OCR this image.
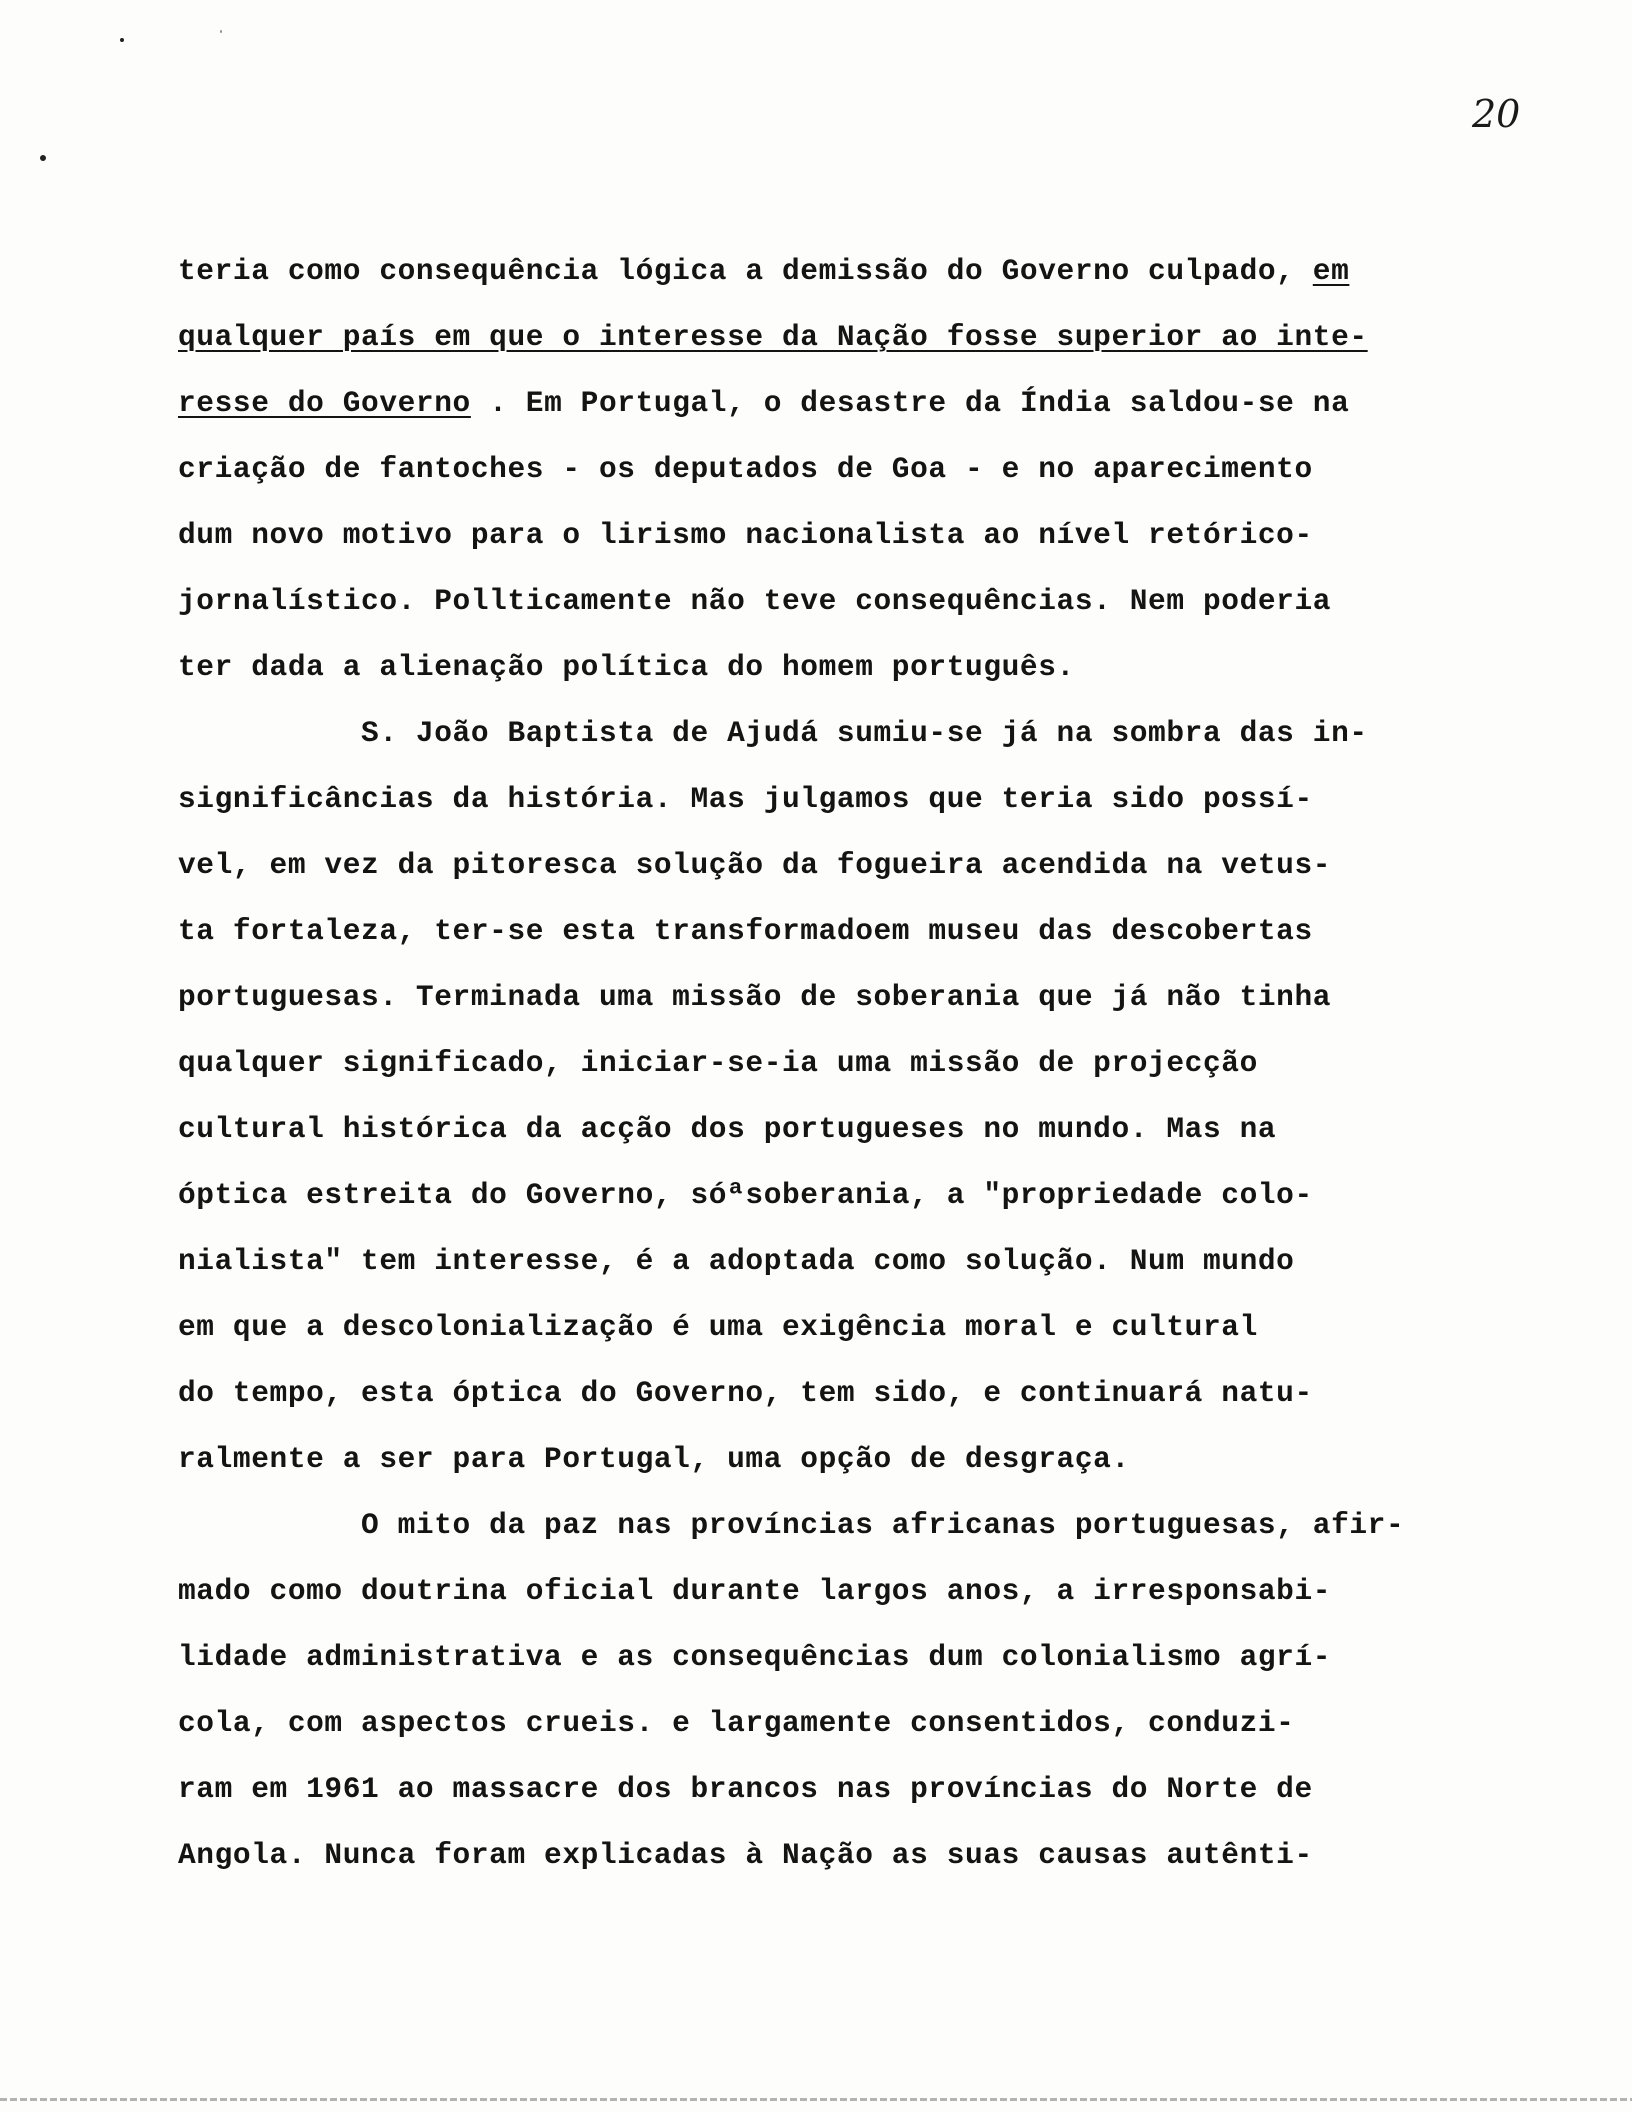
20
teria como consequência lógica a demissão do Governo culpado, em
qualquer país em que o interesse da Nação fosse superior ao inte-
resse do Governo . Em Portugal, o desastre da Índia saldou-se na
criação de fantoches - os deputados de Goa - e no aparecimento
dum novo motivo para o lirismo nacionalista ao nível retórico-
jornalístico. Pollticamente não teve consequências. Nem poderia
ter dada a alienação política do homem português.
S. João Baptista de Ajudá sumiu-se já na sombra das in-
significâncias da história. Mas julgamos que teria sido possí-
vel, em vez da pitoresca solução da fogueira acendida na vetus-
ta fortaleza, ter-se esta transformadoem museu das descobertas
portuguesas. Terminada uma missão de soberania que já não tinha
qualquer significado, iniciar-se-ia uma missão de projecção
cultural histórica da acção dos portugueses no mundo. Mas na
óptica estreita do Governo, sóªsoberania, a "propriedade colo-
nialista" tem interesse, é a adoptada como solução. Num mundo
em que a descolonialização é uma exigência moral e cultural
do tempo, esta óptica do Governo, tem sido, e continuará natu-
ralmente a ser para Portugal, uma opção de desgraça.
O mito da paz nas províncias africanas portuguesas, afir-
mado como doutrina oficial durante largos anos, a irresponsabi-
lidade administrativa e as consequências dum colonialismo agrí-
cola, com aspectos crueis. e largamente consentidos, conduzi-
ram em 1961 ao massacre dos brancos nas províncias do Norte de
Angola. Nunca foram explicadas à Nação as suas causas autênti-
